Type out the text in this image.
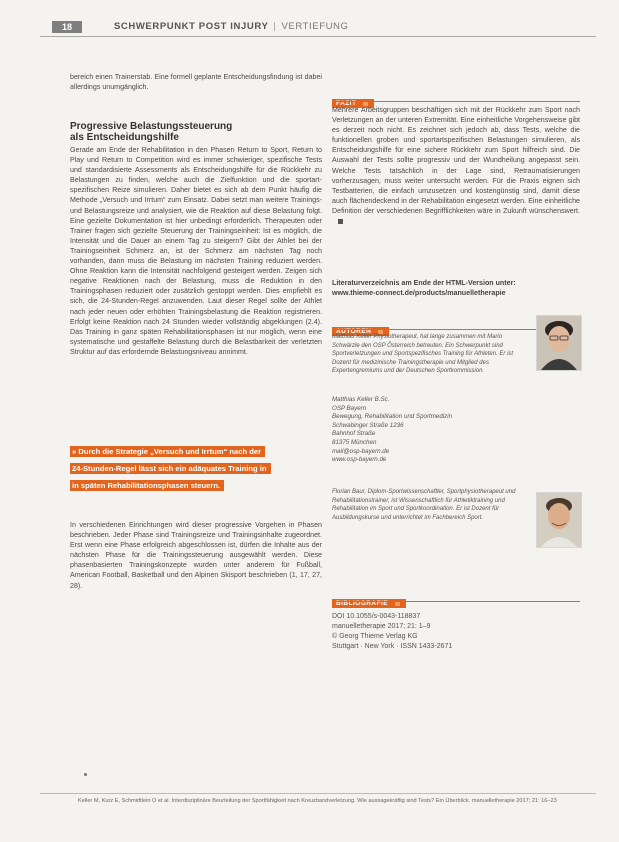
18	SCHWERPUNKT POST INJURY | VERTIEFUNG

bereich einen Trainerstab. Eine formell geplante Entscheidungsfindung ist dabei allerdings unumgänglich.

Progressive Belastungssteuerung

als Entscheidungshilfe

Gerade am Ende der Rehabilitation in den Phasen Return to Sport, Return to Play und Return to Competition wird es immer schwieriger, spezifische Tests und standardisierte Assessments als Entscheidungshilfe für die Rückkehr zu Belastungen zu finden, welche auch die Zielfunktion und die sportart-spezifischen Reize simulieren. Daher bietet es sich ab dem Punkt häufig die Methode „Versuch und Irrtum“ zum Einsatz. Dabei setzt man weitere Trainings- und Belastungsreize und analysiert, wie die Reaktion auf diese Belastung folgt. Eine gezielte Dokumentation ist hier unbedingt erforderlich. Therapeuten oder Trainer fragen sich gezielte Steuerung der Trainingseinheit: Ist es möglich, die Intensität und die Dauer an einem Tag zu steigern? Gibt der Athlet bei der Trainingseinheit Schmerz an, ist der Schmerz am nächsten Tag noch vorhanden, dann muss die Belastung im nächsten Training reduziert werden. Ohne Reaktion kann die Intensität nachfolgend gesteigert werden. Zeigen sich negative Reaktionen nach der Belastung, muss die Reduktion in den Trainingsphasen reduziert oder zusätzlich gestoppt werden. Dies empfiehlt es sich, die 24-Stunden-Regel anzuwenden. Laut dieser Regel sollte der Athlet nach jeder neuen oder erhöhten Trainingsbelastung die Reaktion registrieren. Erfolgt keine Reaktion nach 24 Stunden wieder vollständig abgeklungen (2.4). Das Training in ganz späten Rehabilitationsphasen ist nur möglich, wenn eine systematische und gestaffelte Belastung durch die Belastbarkeit der verletzten Struktur auf das erfordernde Belastungsniveau annimmt.

» Durch die Strategie „Versuch und Irrtum“ nach der
24-Stunden-Regel lässt sich ein adäquates Training in
in späten Rehabilitationsphasen steuern.

In verschiedenen Einrichtungen wird dieser progressive Vorgehen in Phasen beschrieben. Jeder Phase sind Trainingsreize und Trainingsinhalte zugeordnet. Erst wenn eine Phase erfolgreich abgeschlossen ist, dürfen die Inhalte aus der nächsten Phase für die Trainingssteuerung ausgewählt werden. Diese phasenbasierten Trainingskonzepte wurden unter anderem für Fußball, American Football, Basketball und den Alpinen Skisport beschrieben (1, 17, 27, 28).

FAZIT

Mehrere Arbeitsgruppen beschäftigen sich mit der Rückkehr zum Sport nach Verletzungen an der unteren Extremität. Eine einheitliche Vorgehensweise gibt es derzeit noch nicht. Es zeichnet sich jedoch ab, dass Tests, welche die funktionellen groben und sportartspezifischen Belastungen simulieren, als Entscheidungshilfe für eine sichere Rückkehr zum Sport hilfreich sind. Die Auswahl der Tests sollte progressiv und der Wundheilung angepasst sein. Welche Tests tatsächlich in der Lage sind, Retraumatisierungen vorherzusagen, muss weiter untersucht werden. Für die Praxis eignen sich Testbatterien, die einfach umzusetzen und kostengünstig sind, damit diese auch flächendeckend in der Rehabilitation eingesetzt werden. Eine einheitliche Definition der verschiedenen Begrifflichkeiten wäre in Zukunft wünschenswert.

Literaturverzeichnis am Ende der HTML-Version unter:

www.thieme-connect.de/products/manuelletherapie

AUTOREN

Matthias Keller Physiotherapeut, hat lange zusammen mit Mario Schwärzle den OSP Österreich betreuten. Ein Schwerpunkt sind Sportverletzungen und Sportspezifisches Training für Athleten. Er ist Dozent für medizinische Trainingstherapie und Mitglied des Expertengremiums und der Deutschen Sportkommission.

Matthias Keller B.Sc.

OSP Bayern

Bewegung, Rehabilitation und Sportmedizin

Schwabinger Straße 1236

Bahnhof Straße

81375 München

mail@osp-bayern.de

www.osp-bayern.de

Florian Baur, Diplom-Sportwissenschaftler, Sportphysiotherapeut und Rehabilitationstrainer, ist Wissenschaftlich für Athletiktraining und Rehabilitation im Sport und Sportkoordination. Er ist Dozent für Ausbildungskurse und unterrichtet im Fachbereich Sport.

BIBLIOGRAFIE

DOI 10.1055/s-0043-118837

manuelletherapie 2017; 21: 1–9

© Georg Thieme Verlag KG

Stuttgart · New York · ISSN 1433-2671

Keller M, Kurz E, Schmidtlein O et al. Interdisziplinäre Beurteilung der Sportfähigkeit nach Kreuzbandverletzung. Wie aussagekräftig sind Tests? Ein Überblick. manuelletherapie 2017; 21: 16–23
